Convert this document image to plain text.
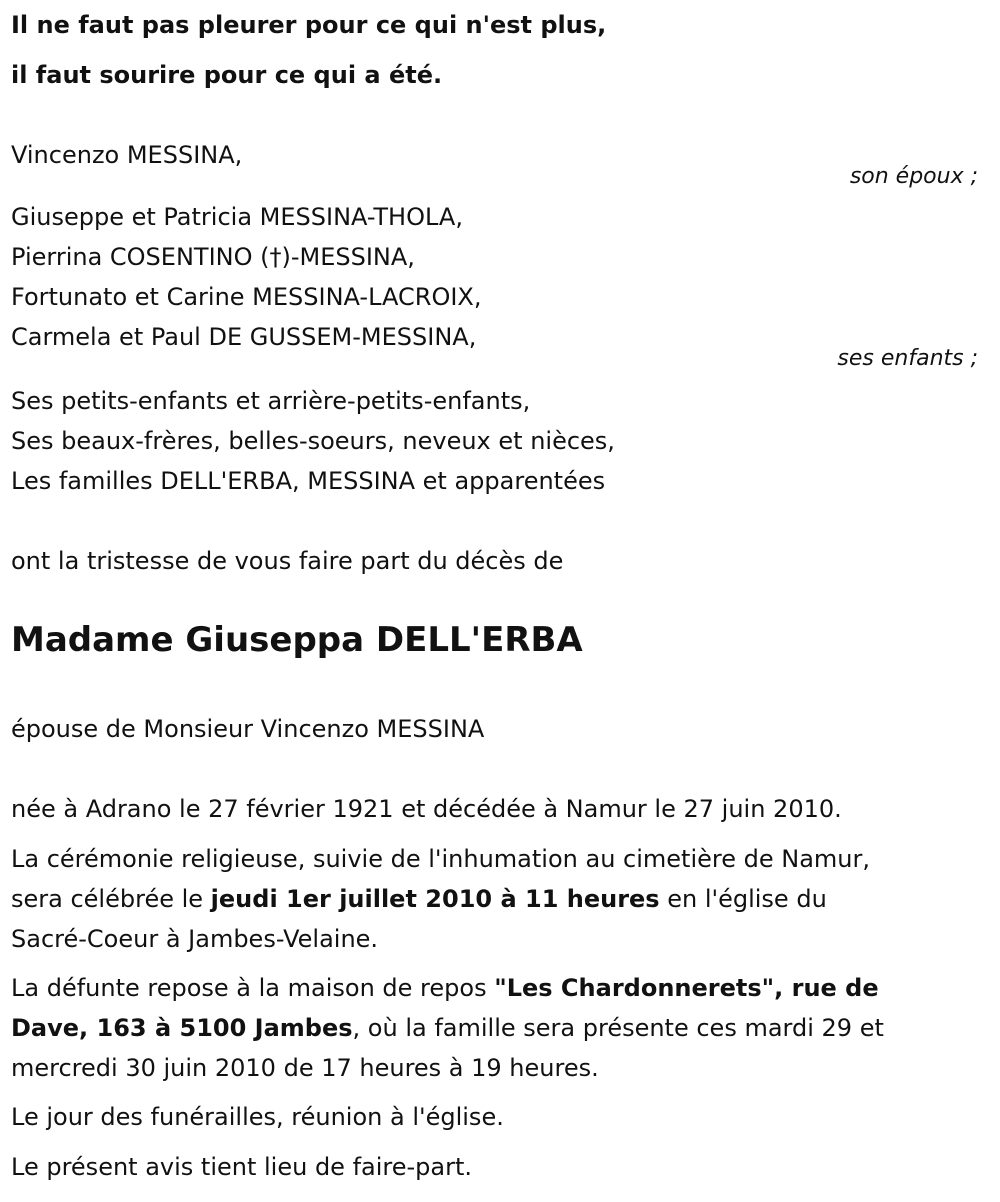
Il ne faut pas pleurer pour ce qui n'est plus,
il faut sourire pour ce qui a été.
Vincenzo MESSINA,
son époux ;
Giuseppe et Patricia MESSINA-THOLA,
Pierrina COSENTINO (†)-MESSINA,
Fortunato et Carine MESSINA-LACROIX,
Carmela et Paul DE GUSSEM-MESSINA,
ses enfants ;
Ses petits-enfants et arrière-petits-enfants,
Ses beaux-frères, belles-soeurs, neveux et nièces,
Les familles DELL'ERBA, MESSINA et apparentées
ont la tristesse de vous faire part du décès de
Madame Giuseppa DELL'ERBA
épouse de Monsieur Vincenzo MESSINA
née à Adrano le 27 février 1921 et décédée à Namur le 27 juin 2010.
La cérémonie religieuse, suivie de l'inhumation au cimetière de Namur,
sera célébrée le jeudi 1er juillet 2010 à 11 heures en l'église du
Sacré-Coeur à Jambes-Velaine.
La défunte repose à la maison de repos "Les Chardonnerets", rue de
Dave, 163 à 5100 Jambes, où la famille sera présente ces mardi 29 et
mercredi 30 juin 2010 de 17 heures à 19 heures.
Le jour des funérailles, réunion à l'église.
Le présent avis tient lieu de faire-part.
